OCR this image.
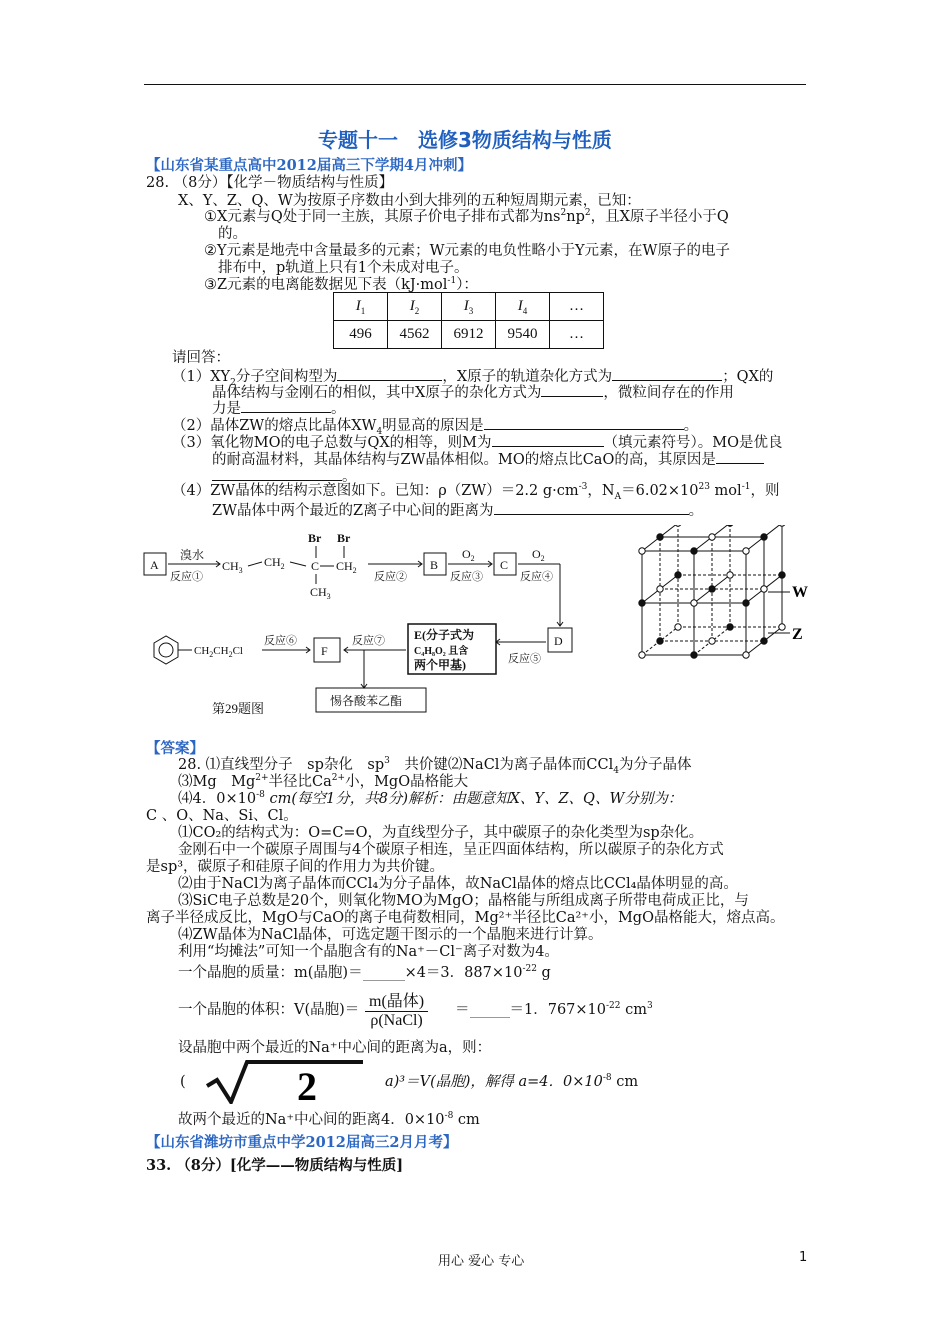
专题十一　选修3物质结构与性质
【山东省某重点高中2012届高三下学期4月冲刺】
28. （8分）【化学－物质结构与性质】
X、Y、Z、Q、W为按原子序数由小到大排列的五种短周期元素，已知：
①X元素与Q处于同一主族，其原子价电子排布式都为$ns^2np^2$，且X原子半径小于Q
的。
②Y元素是地壳中含量最多的元素；W元素的电负性略小于Y元素，在W原子的电子
排布中，p轨道上只有1个未成对电子。
③Z元素的电离能数据见下表（kJ·mol$^{-1}$）：
$I_1$	$I_2$	$I_3$	$I_4$	…
496	4562	6912	9540	…
请回答：
$(1)XY_2$分子空间构型为	，X原子的轨道杂化方式为	；QX的
晶体结构与金刚石的相似，其中X原子的杂化方式为	，微粒间存在的作用
力是	。
（2）晶体ZW的熔点比晶体$XW_4$明显高的原因是	。
（3）氧化物MO的电子总数与QX的相等，则M为	（填元素符号）。MO是优良
的耐高温材料，其晶体结构与ZW晶体相似。MO的熔点比CaO的高，其原因是
。
（4）ZW晶体的结构示意图如下。已知：ρ（ZW）＝2.2 $g\cdot cm^{-3}$，$N_A=6.02\times 10^{23}$ mol$^{-1}$，则
ZW晶体中两个最近的Z离子中心间的距离为	。
A
溴水
反应①
$CH_3$
$CH_2$ C $CH_2$
Br Br
$CH_3$
反应②
B
$O_2$
反应③
C
$O_2$
反应④
D
反应⑤
E(分子式为
C₄H₈O₂ 且含
两个甲基)
反应⑦
F
反应⑥
$CH_2CH_2Cl$
惕各酸苯乙酯
第29题图
W
Z
【答案】
28. ⑴直线型分子　sp杂化　$sp^3$　共价键⑵NaCl为离子晶体而CCl$_4$为分子晶体
⑶Mg　$Mg^{2+}$半径比$Ca^{2+}$小，MgO晶格能大
⑷4．$0\times 10^{-8}$ cm(每空1分，共8分)解析：由题意知X、Y、Z、Q、W分别为：
C 、O、Na、Si、Cl。
⑴CO₂的结构式为：O=C=O，为直线型分子，其中碳原子的杂化类型为sp杂化。
金刚石中一个碳原子周围与4个碳原子相连，呈正四面体结构，所以碳原子的杂化方式
是sp³，碳原子和硅原子间的作用力为共价键。
⑵由于NaCl为离子晶体而CCl₄为分子晶体，故NaCl晶体的熔点比CCl₄晶体明显的高。
⑶SiC电子总数是20个，则氧化物MO为MgO；晶格能与所组成离子所带电荷成正比，与
离子半径成反比，MgO与CaO的离子电荷数相同，Mg²⁺半径比Ca²⁺小，MgO晶格能大，熔点高。
⑷ZW晶体为NaCl晶体，可选定题干图示的一个晶胞来进行计算。
利用“均摊法”可知一个晶胞含有的Na⁺－Cl⁻离子对数为4。
一个晶胞的质量：m(晶胞)＝	×4＝3．$887\times 10^{-22}$ g
一个晶胞的体积：V(晶胞)＝ m(晶体)
ρ(NaCl)
＝	＝1．$767\times 10^{-22}$ $cm^3$
设晶胞中两个最近的Na⁺中心间的距离为a，则：
(	2	a)³＝V(晶胞)，解得 a=4．$0\times 10^{-8}$ cm
故两个最近的Na⁺中心间的距离4．$0\times 10^{-8}$ cm
【山东省潍坊市重点中学2012届高三2月月考】
33. （8分）[化学——物质结构与性质]
用心 爱心 专心	1
